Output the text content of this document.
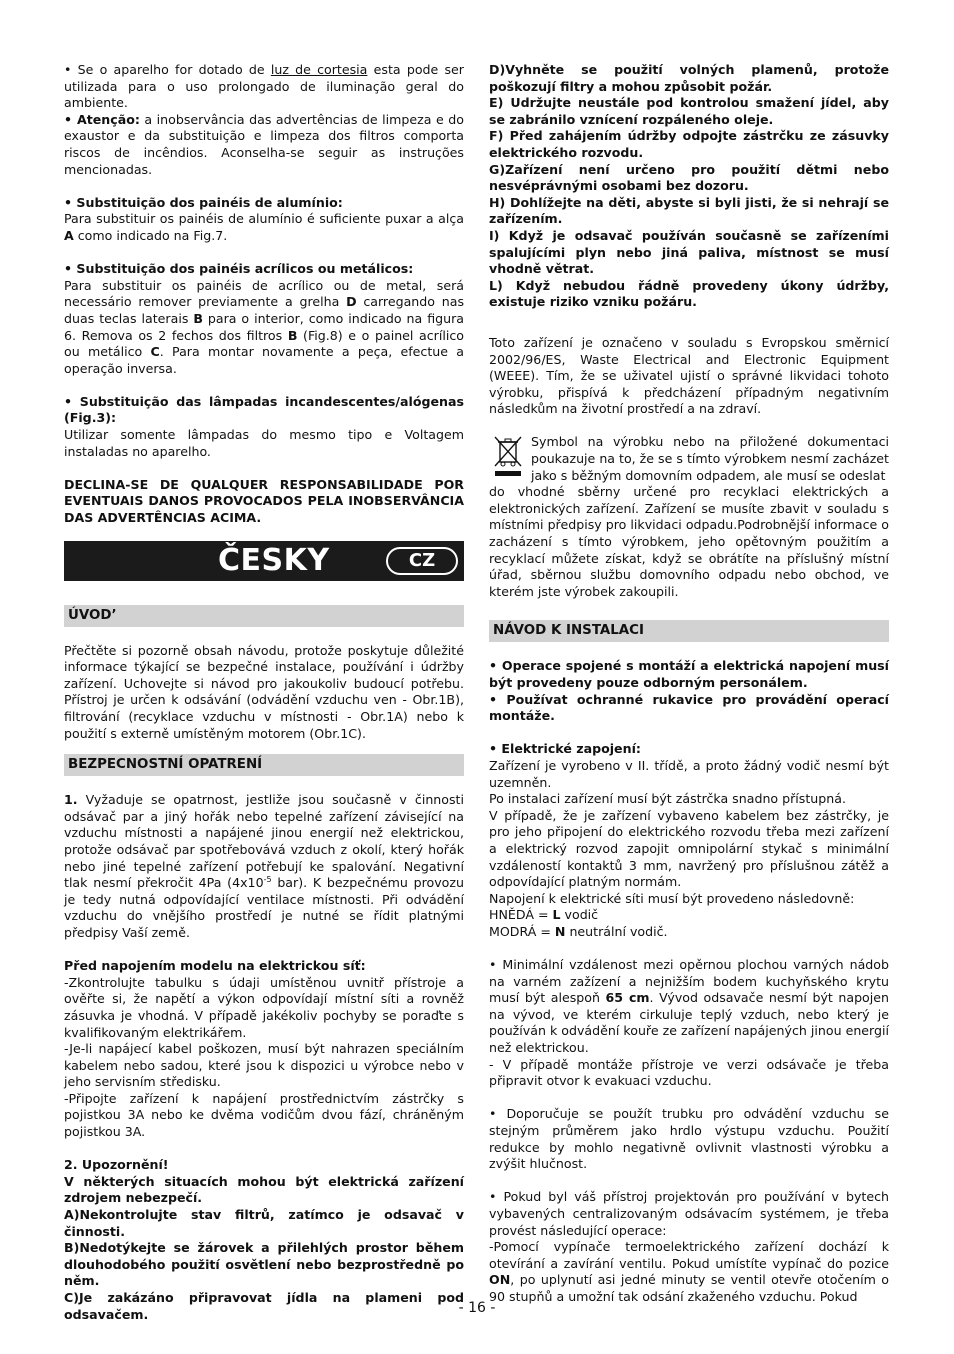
• Se o aparelho for dotado de luz de cortesia esta pode ser utilizada para o uso prolongado de iluminação geral do ambiente.

• Atenção: a inobservância das advertências de limpeza e do exaustor e da substituição e limpeza dos filtros comporta riscos de incêndios. Aconselha-se seguir as instruções mencionadas.

• Substituição dos painéis de alumínio:

Para substituir os painéis de alumínio é suficiente puxar a alça A como indicado na Fig.7.

• Substituição dos painéis acrílicos ou metálicos:

Para substituir os painéis de acrílico ou de metal, será necessário remover previamente a grelha D carregando nas duas teclas laterais B para o interior, como indicado na figura 6. Remova os 2 fechos dos filtros B (Fig.8) e o painel acrílico ou metálico C. Para montar novamente a peça, efectue a operação inversa.

• Substituição das lâmpadas incandescentes/alógenas (Fig.3):

Utilizar somente lâmpadas do mesmo tipo e Voltagem instaladas no aparelho.

DECLINA-SE DE QUALQUER RESPONSABILIDADE POR EVENTUAIS DANOS PROVOCADOS PELA INOBSERVÂNCIA DAS ADVERTÊNCIAS ACIMA.

ČESKY	CZ
ÚVOD’

Přečtěte si pozorně obsah návodu, protože poskytuje důležité informace týkající se bezpečné instalace, používání i údržby zařízení. Uchovejte si návod pro jakoukoliv budoucí potřebu. Přístroj je určen k odsávání (odvádění vzduchu ven - Obr.1B), filtrování (recyklace vzduchu v místnosti - Obr.1A) nebo k použití s externě umístěným motorem (Obr.1C).

BEZPECNOSTNÍ OPATRENÍ

1. Vyžaduje se opatrnost, jestliže jsou současně v činnosti odsávač par a jiný hořák nebo tepelné zařízení závisející na vzduchu místnosti a napájené jinou energií než elektrickou, protože odsávač par spotřebovává vzduch z okolí, který hořák nebo jiné tepelné zařízení potřebují ke spalování. Negativní tlak nesmí překročit 4Pa ($4x10^{-5}$ bar). K bezpečnému provozu je tedy nutná odpovídající ventilace místnosti. Při odvádění vzduchu do vnějšího prostředí je nutné se řídit platnými předpisy Vaší země.

Před napojením modelu na elektrickou síť:

-Zkontrolujte tabulku s údaji umístěnou uvnitř přístroje a ověřte si, že napětí a výkon odpovídají místní síti a rovněž zásuvka je vhodná. V případě jakékoliv pochyby se poraďte s kvalifikovaným elektrikářem.

-Je-li napájecí kabel poškozen, musí být nahrazen speciálním kabelem nebo sadou, které jsou k dispozici u výrobce nebo v jeho servisním středisku.

-Připojte zařízení k napájení prostřednictvím zástrčky s pojistkou 3A nebo ke dvěma vodičům dvou fází, chráněným pojistkou 3A.

2. Upozornění!

V některých situacích mohou být elektrická zařízení zdrojem nebezpečí.

A)Nekontrolujte stav filtrů, zatímco je odsavač v činnosti.

B)Nedotýkejte se žárovek a přilehlých prostor během dlouhodobého použití osvětlení nebo bezprostředně po něm.

C)Je zakázáno připravovat jídla na plameni pod odsavačem.

D)Vyhněte se použití volných plamenů, protože poškozují filtry a mohou způsobit požár.

E) Udržujte neustále pod kontrolou smažení jídel, aby se zabránilo vznícení rozpáleného oleje.

F) Před zahájením údržby odpojte zástrčku ze zásuvky elektrického rozvodu.

G)Zařízení není určeno pro použití dětmi nebo nesvéprávnými osobami bez dozoru.

H) Dohlížejte na děti, abyste si byli jisti, že si nehrají se zařízením.

I) Když je odsavač používán současně se zařízeními spalujícími plyn nebo jiná paliva, místnost se musí vhodně větrat.

L) Když nebudou řádně provedeny úkony údržby, existuje riziko vzniku požáru.

Toto zařízení je označeno v souladu s Evropskou směrnicí 2002/96/ES, Waste Electrical and Electronic Equipment (WEEE). Tím, že se uživatel ujistí o správné likvidaci tohoto výrobku, přispívá k předcházení případným negativním následkům na životní prostředí a na zdraví.

Symbol na výrobku nebo na přiložené dokumentaci poukazuje na to, že se s tímto výrobkem nesmí zacházet jako s běžným domovním odpadem, ale musí se odeslat

do vhodné sběrny určené pro recyklaci elektrických a elektronických zařízení. Zařízení se musíte zbavit v souladu s místními předpisy pro likvidaci odpadu.Podrobnější informace o zacházení s tímto výrobkem, jeho opětovným použitím a recyklací můžete získat, když se obrátíte na příslušný místní úřad, sběrnou službu domovního odpadu nebo obchod, ve kterém jste výrobek zakoupili.

NÁVOD K INSTALACI

• Operace spojené s montáží a elektrická napojení musí být provedeny pouze odborným personálem.

• Používat ochranné rukavice pro provádění operací montáže.

• Elektrické zapojení:

Zařízení je vyrobeno v II. třídě, a proto žádný vodič nesmí být uzemněn.

Po instalaci zařízení musí být zástrčka snadno přístupná.

V případě, že je zařízení vybaveno kabelem bez zástrčky, je pro jeho připojení do elektrického rozvodu třeba mezi zařízení a elektrický rozvod zapojit omnipolární stykač s minimální vzdáleností kontaktů 3 mm, navržený pro příslušnou zátěž a odpovídající platným normám.

Napojení k elektrické síti musí být provedeno následovně:

HNĚDÁ = L vodič

MODRÁ = N neutrální vodič.

• Minimální vzdálenost mezi opěrnou plochou varných nádob na varném zažízení a nejnižším bodem kuchyňského krytu musí být alespoň 65 cm. Vývod odsavače nesmí být napojen na vývod, ve kterém cirkuluje teplý vzduch, nebo který je používán k odvádění kouře ze zařízení napájených jinou energií než elektrickou.

- V případě montáže přístroje ve verzi odsávače je třeba připravit otvor k evakuaci vzduchu.

• Doporučuje se použít trubku pro odvádění vzduchu se stejným průměrem jako hrdlo výstupu vzduchu. Použití redukce by mohlo negativně ovlivnit vlastnosti výrobku a zvýšit hlučnost.

• Pokud byl váš přístroj projektován pro používání v bytech vybavených centralizovaným odsávacím systémem, je třeba provést následující operace:

-Pomocí vypínače termoelektrického zařízení dochází k otevírání a zavírání ventilu. Pokud umístíte vypínač do pozice ON, po uplynutí asi jedné minuty se ventil otevře otočením o 90 stupňů a umožní tak odsání zkaženého vzduchu. Pokud

- 16 -
